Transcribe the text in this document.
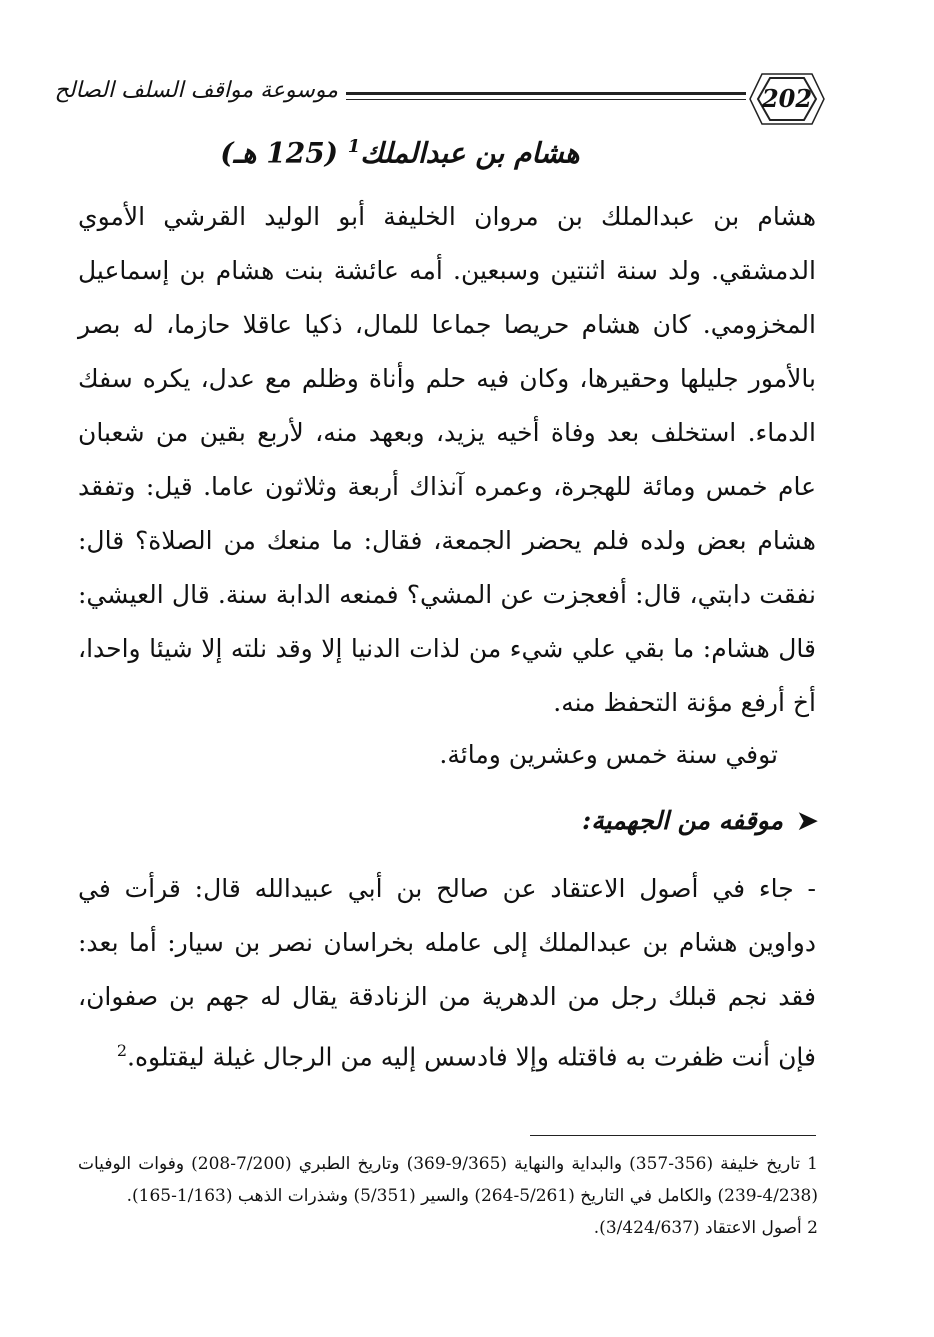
موسوعة مواقف السلف الصالح	202
هشام بن عبدالملك$^1$ (125 هـ)

هشام بن عبدالملك بن مروان الخليفة أبو الوليد القرشي الأموي الدمشقي. ولد سنة اثنتين وسبعين. أمه عائشة بنت هشام بن إسماعيل المخزومي. كان هشام حريصا جماعا للمال، ذكيا عاقلا حازما، له بصر بالأمور جليلها وحقيرها، وكان فيه حلم وأناة وظلم مع عدل، يكره سفك الدماء. استخلف بعد وفاة أخيه يزيد، وبعهد منه، لأربع بقين من شعبان عام خمس ومائة للهجرة، وعمره آنذاك أربعة وثلاثون عاما. قيل: وتفقد هشام بعض ولده فلم يحضر الجمعة، فقال: ما منعك من الصلاة؟ قال: نفقت دابتي، قال: أفعجزت عن المشي؟ فمنعه الدابة سنة. قال العيشي: قال هشام: ما بقي علي شيء من لذات الدنيا إلا وقد نلته إلا شيئا واحدا، أخ أرفع مؤنة التحفظ منه.

توفي سنة خمس وعشرين ومائة.
➤موقفه من الجهمية:
- جاء في أصول الاعتقاد عن صالح بن أبي عبيدالله قال: قرأت في دواوين هشام بن عبدالملك إلى عامله بخراسان نصر بن سيار: أما بعد: فقد نجم قبلك رجل من الدهرية من الزنادقة يقال له جهم بن صفوان، فإن أنت ظفرت به فاقتله وإلا فادسس إليه من الرجال غيلة ليقتلوه.$^2$

1 تاريخ خليفة (356-357) والبداية والنهاية (9/365-369) وتاريخ الطبري (7/200-208) وفوات الوفيات (4/238-239) والكامل في التاريخ (5/261-264) والسير (5/351) وشذرات الذهب (1/163-165).

2 أصول الاعتقاد (3/424/637).
